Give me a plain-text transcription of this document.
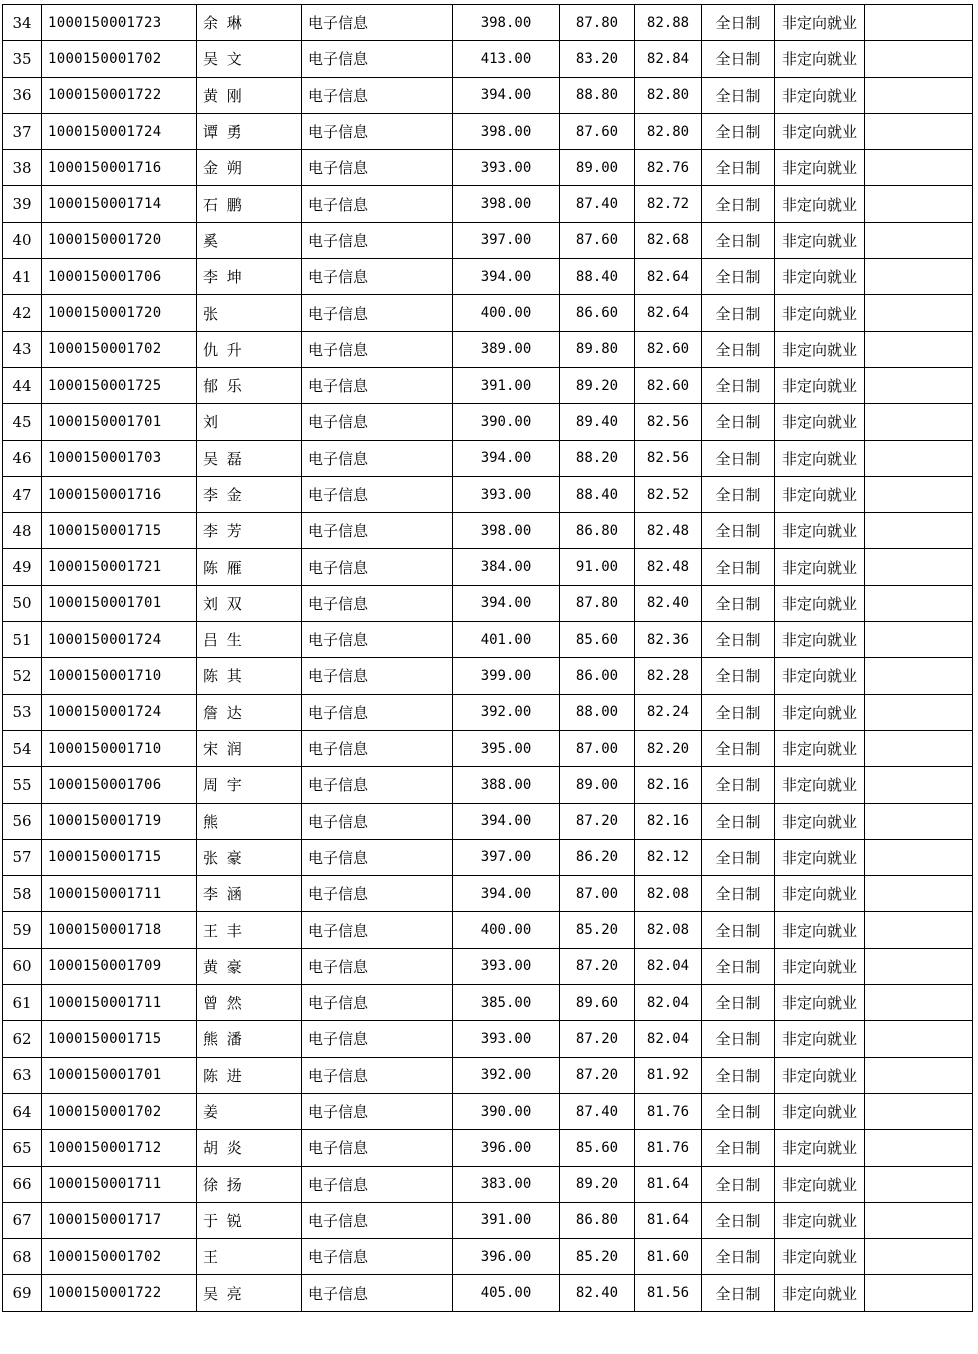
34	1000150001723	余 琳	电子信息	398.00	87.80	82.88	全日制	非定向就业	
35	1000150001702	吴 文	电子信息	413.00	83.20	82.84	全日制	非定向就业	
36	1000150001722	黄 刚	电子信息	394.00	88.80	82.80	全日制	非定向就业	
37	1000150001724	谭 勇	电子信息	398.00	87.60	82.80	全日制	非定向就业	
38	1000150001716	金 朔	电子信息	393.00	89.00	82.76	全日制	非定向就业	
39	1000150001714	石 鹏	电子信息	398.00	87.40	82.72	全日制	非定向就业	
40	1000150001720	奚	电子信息	397.00	87.60	82.68	全日制	非定向就业	
41	1000150001706	李 坤	电子信息	394.00	88.40	82.64	全日制	非定向就业	
42	1000150001720	张	电子信息	400.00	86.60	82.64	全日制	非定向就业	
43	1000150001702	仇 升	电子信息	389.00	89.80	82.60	全日制	非定向就业	
44	1000150001725	郁 乐	电子信息	391.00	89.20	82.60	全日制	非定向就业	
45	1000150001701	刘	电子信息	390.00	89.40	82.56	全日制	非定向就业	
46	1000150001703	吴 磊	电子信息	394.00	88.20	82.56	全日制	非定向就业	
47	1000150001716	李 金	电子信息	393.00	88.40	82.52	全日制	非定向就业	
48	1000150001715	李 芳	电子信息	398.00	86.80	82.48	全日制	非定向就业	
49	1000150001721	陈 雁	电子信息	384.00	91.00	82.48	全日制	非定向就业	
50	1000150001701	刘 双	电子信息	394.00	87.80	82.40	全日制	非定向就业	
51	1000150001724	吕 生	电子信息	401.00	85.60	82.36	全日制	非定向就业	
52	1000150001710	陈 其	电子信息	399.00	86.00	82.28	全日制	非定向就业	
53	1000150001724	詹 达	电子信息	392.00	88.00	82.24	全日制	非定向就业	
54	1000150001710	宋 润	电子信息	395.00	87.00	82.20	全日制	非定向就业	
55	1000150001706	周 宇	电子信息	388.00	89.00	82.16	全日制	非定向就业	
56	1000150001719	熊	电子信息	394.00	87.20	82.16	全日制	非定向就业	
57	1000150001715	张 豪	电子信息	397.00	86.20	82.12	全日制	非定向就业	
58	1000150001711	李 涵	电子信息	394.00	87.00	82.08	全日制	非定向就业	
59	1000150001718	王 丰	电子信息	400.00	85.20	82.08	全日制	非定向就业	
60	1000150001709	黄 豪	电子信息	393.00	87.20	82.04	全日制	非定向就业	
61	1000150001711	曾 然	电子信息	385.00	89.60	82.04	全日制	非定向就业	
62	1000150001715	熊 潘	电子信息	393.00	87.20	82.04	全日制	非定向就业	
63	1000150001701	陈 进	电子信息	392.00	87.20	81.92	全日制	非定向就业	
64	1000150001702	姜	电子信息	390.00	87.40	81.76	全日制	非定向就业	
65	1000150001712	胡 炎	电子信息	396.00	85.60	81.76	全日制	非定向就业	
66	1000150001711	徐 扬	电子信息	383.00	89.20	81.64	全日制	非定向就业	
67	1000150001717	于 锐	电子信息	391.00	86.80	81.64	全日制	非定向就业	
68	1000150001702	王	电子信息	396.00	85.20	81.60	全日制	非定向就业	
69	1000150001722	吴 亮	电子信息	405.00	82.40	81.56	全日制	非定向就业	
